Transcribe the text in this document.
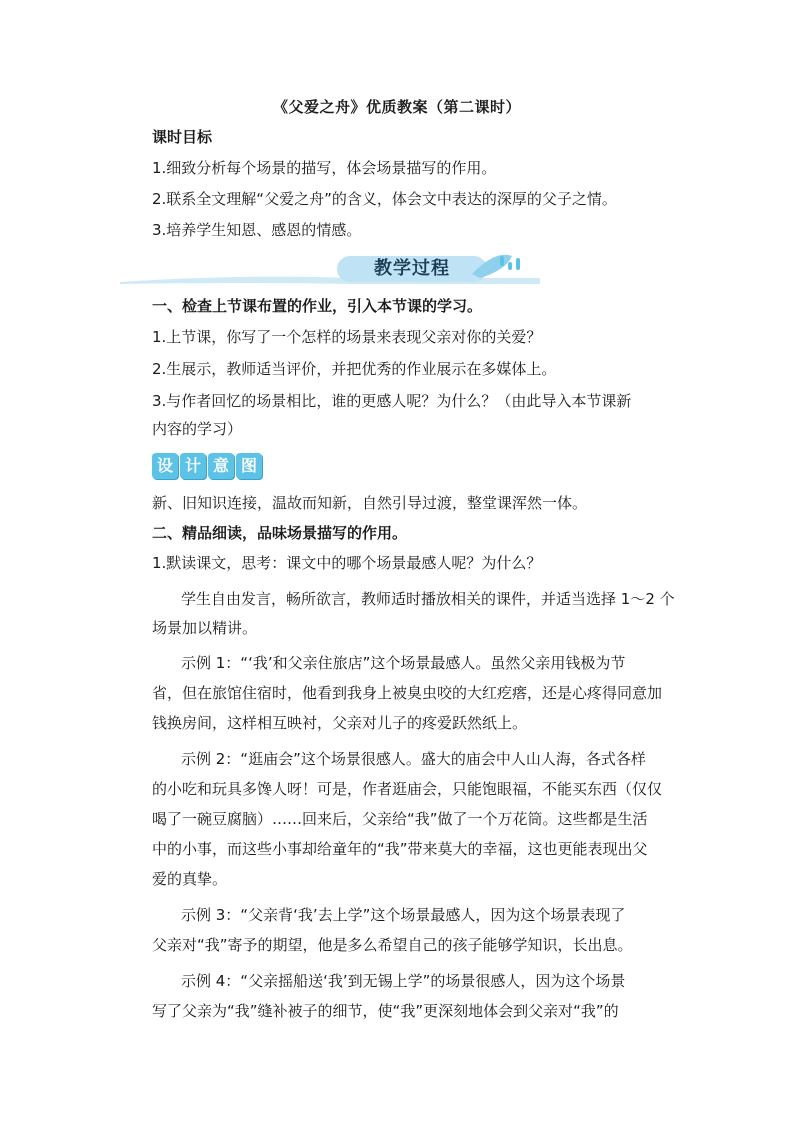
《父爱之舟》优质教案（第二课时）
课时目标
1.细致分析每个场景的描写，体会场景描写的作用。
2.联系全文理解“父爱之舟”的含义，体会文中表达的深厚的父子之情。
3.培养学生知恩、感恩的情感。
教学过程
一、检查上节课布置的作业，引入本节课的学习。
1.上节课，你写了一个怎样的场景来表现父亲对你的关爱？
2.生展示，教师适当评价，并把优秀的作业展示在多媒体上。
3.与作者回忆的场景相比，谁的更感人呢？为什么？（由此导入本节课新
内容的学习）
设 计 意 图
新、旧知识连接，温故而知新，自然引导过渡，整堂课浑然一体。
二、精品细读，品味场景描写的作用。
1.默读课文，思考：课文中的哪个场景最感人呢？为什么？
学生自由发言，畅所欲言，教师适时播放相关的课件，并适当选择 1～2 个
场景加以精讲。
示例 1：“‘我’和父亲住旅店”这个场景最感人。虽然父亲用钱极为节
省，但在旅馆住宿时，他看到我身上被臭虫咬的大红疙瘩，还是心疼得同意加
钱换房间，这样相互映衬，父亲对儿子的疼爱跃然纸上。
示例 2：“逛庙会”这个场景很感人。盛大的庙会中人山人海，各式各样
的小吃和玩具多馋人呀！可是，作者逛庙会，只能饱眼福，不能买东西（仅仅
喝了一碗豆腐脑）……回来后，父亲给“我”做了一个万花筒。这些都是生活
中的小事，而这些小事却给童年的“我”带来莫大的幸福，这也更能表现出父
爱的真挚。
示例 3：“父亲背‘我’去上学”这个场景最感人，因为这个场景表现了
父亲对“我”寄予的期望，他是多么希望自己的孩子能够学知识，长出息。
示例 4：“父亲摇船送‘我’到无锡上学”的场景很感人，因为这个场景
写了父亲为“我”缝补被子的细节，使“我”更深刻地体会到父亲对“我”的
